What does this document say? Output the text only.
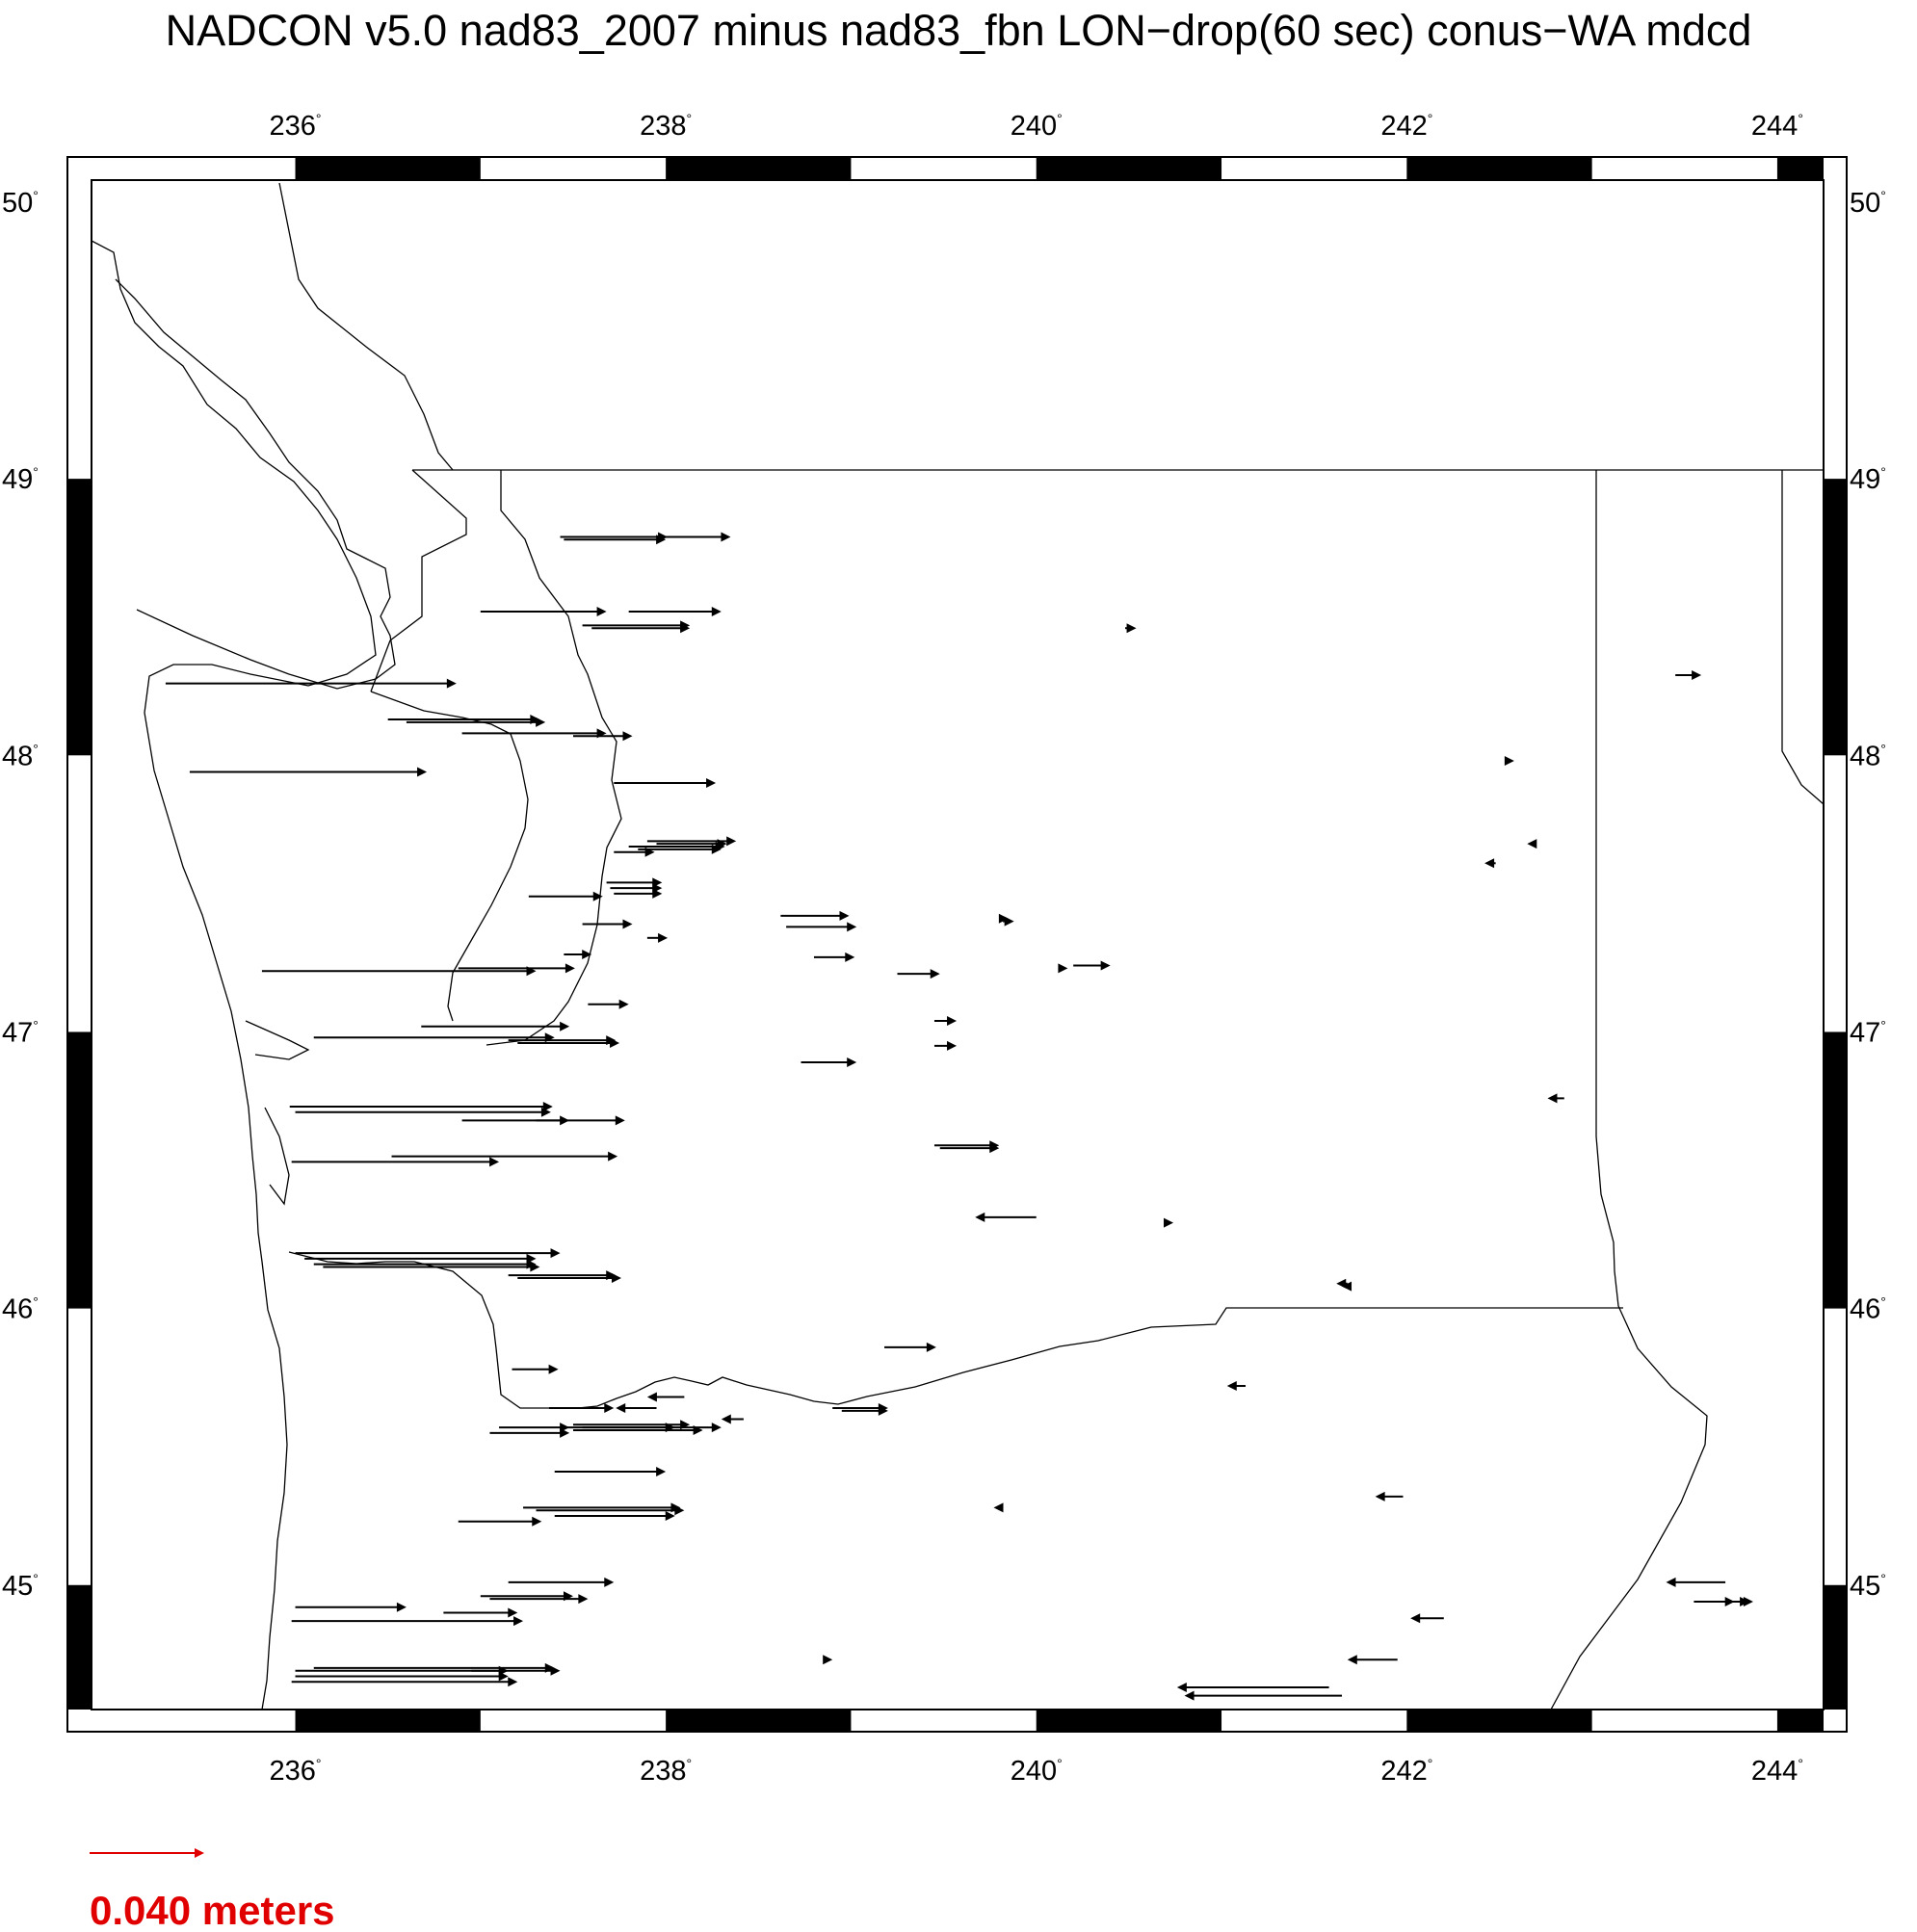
NADCON v5.0 nad83_2007 minus nad83_fbn LON−drop(60 sec) conus−WA mdcd
236°	238°	240°	242°	244°
236°	238°	240°	242°	244°
45°
46°
47°
48°
49°
50°
45°
46°
47°
48°
49°
50°
0.040 meters
